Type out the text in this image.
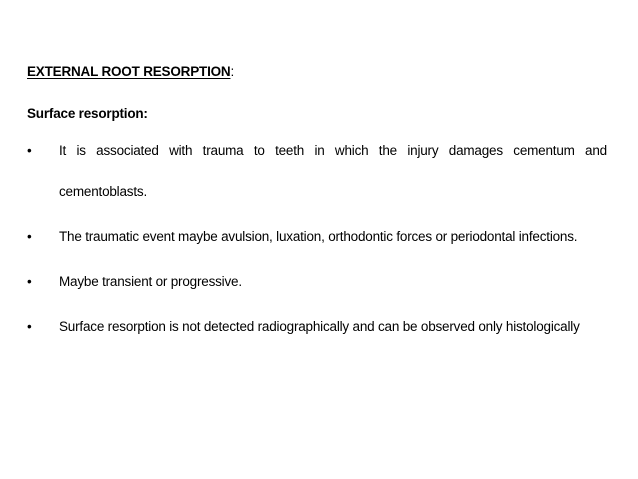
EXTERNAL ROOT RESORPTION:
Surface resorption:
•	It is associated with trauma to teeth in which the injury damages cementum and cementoblasts.
•	The traumatic event maybe avulsion, luxation, orthodontic forces or periodontal infections.
•	Maybe transient or progressive.
•	Surface resorption is not detected radiographically and can be observed only histologically
